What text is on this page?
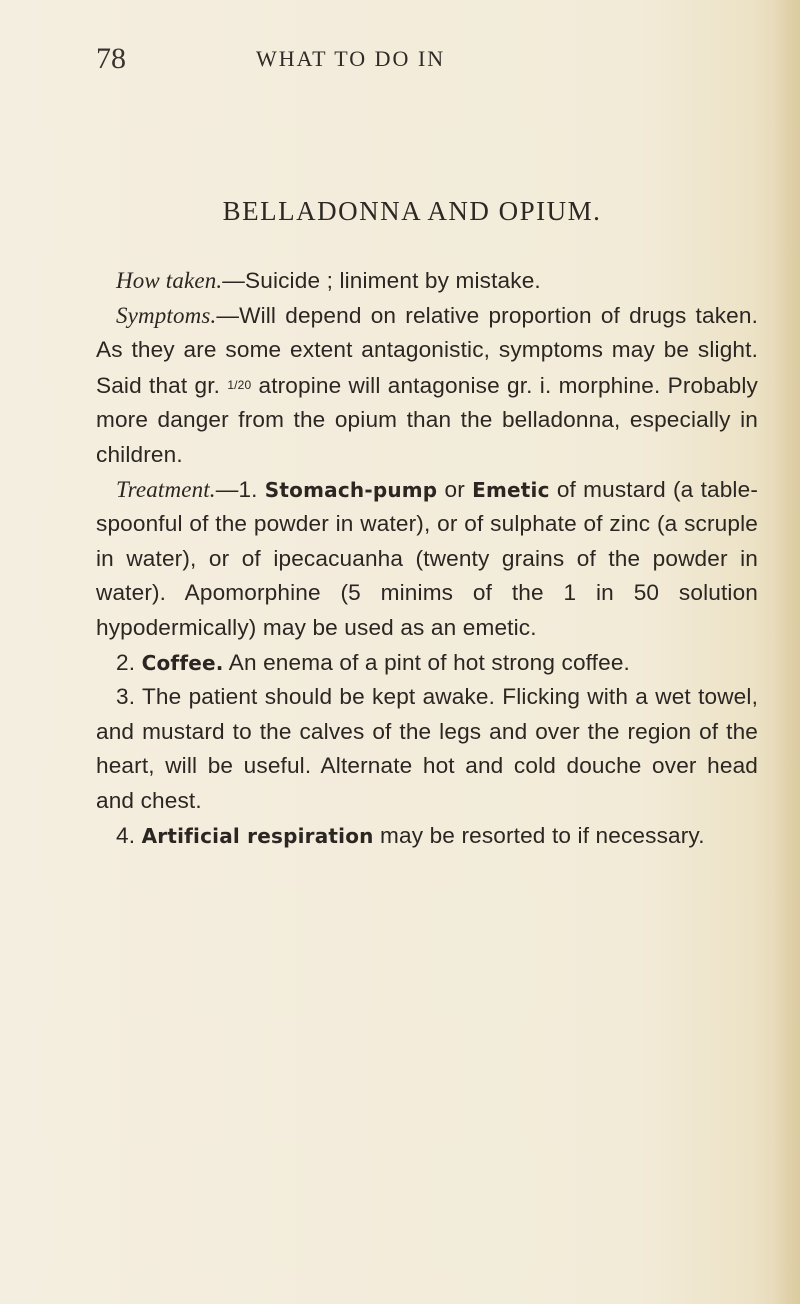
78	WHAT TO DO IN
BELLADONNA AND OPIUM.

How taken.—Suicide ; liniment by mistake.

Symptoms.—Will depend on relative proportion of drugs taken. As they are some extent antagonistic, symptoms may be slight. Said that gr. 1/20 atropine will antagonise gr. i. morphine. Probably more danger from the opium than the belladonna, especially in children.

Treatment.—1. Stomach-pump or Emetic of mustard (a table-spoonful of the powder in water), or of sulphate of zinc (a scruple in water), or of ipecacuanha (twenty grains of the powder in water). Apomorphine (5 minims of the 1 in 50 solution hypodermically) may be used as an emetic.

2. Coffee. An enema of a pint of hot strong coffee.

3. The patient should be kept awake. Flicking with a wet towel, and mustard to the calves of the legs and over the region of the heart, will be useful. Alternate hot and cold douche over head and chest.

4. Artificial respiration may be resorted to if necessary.
